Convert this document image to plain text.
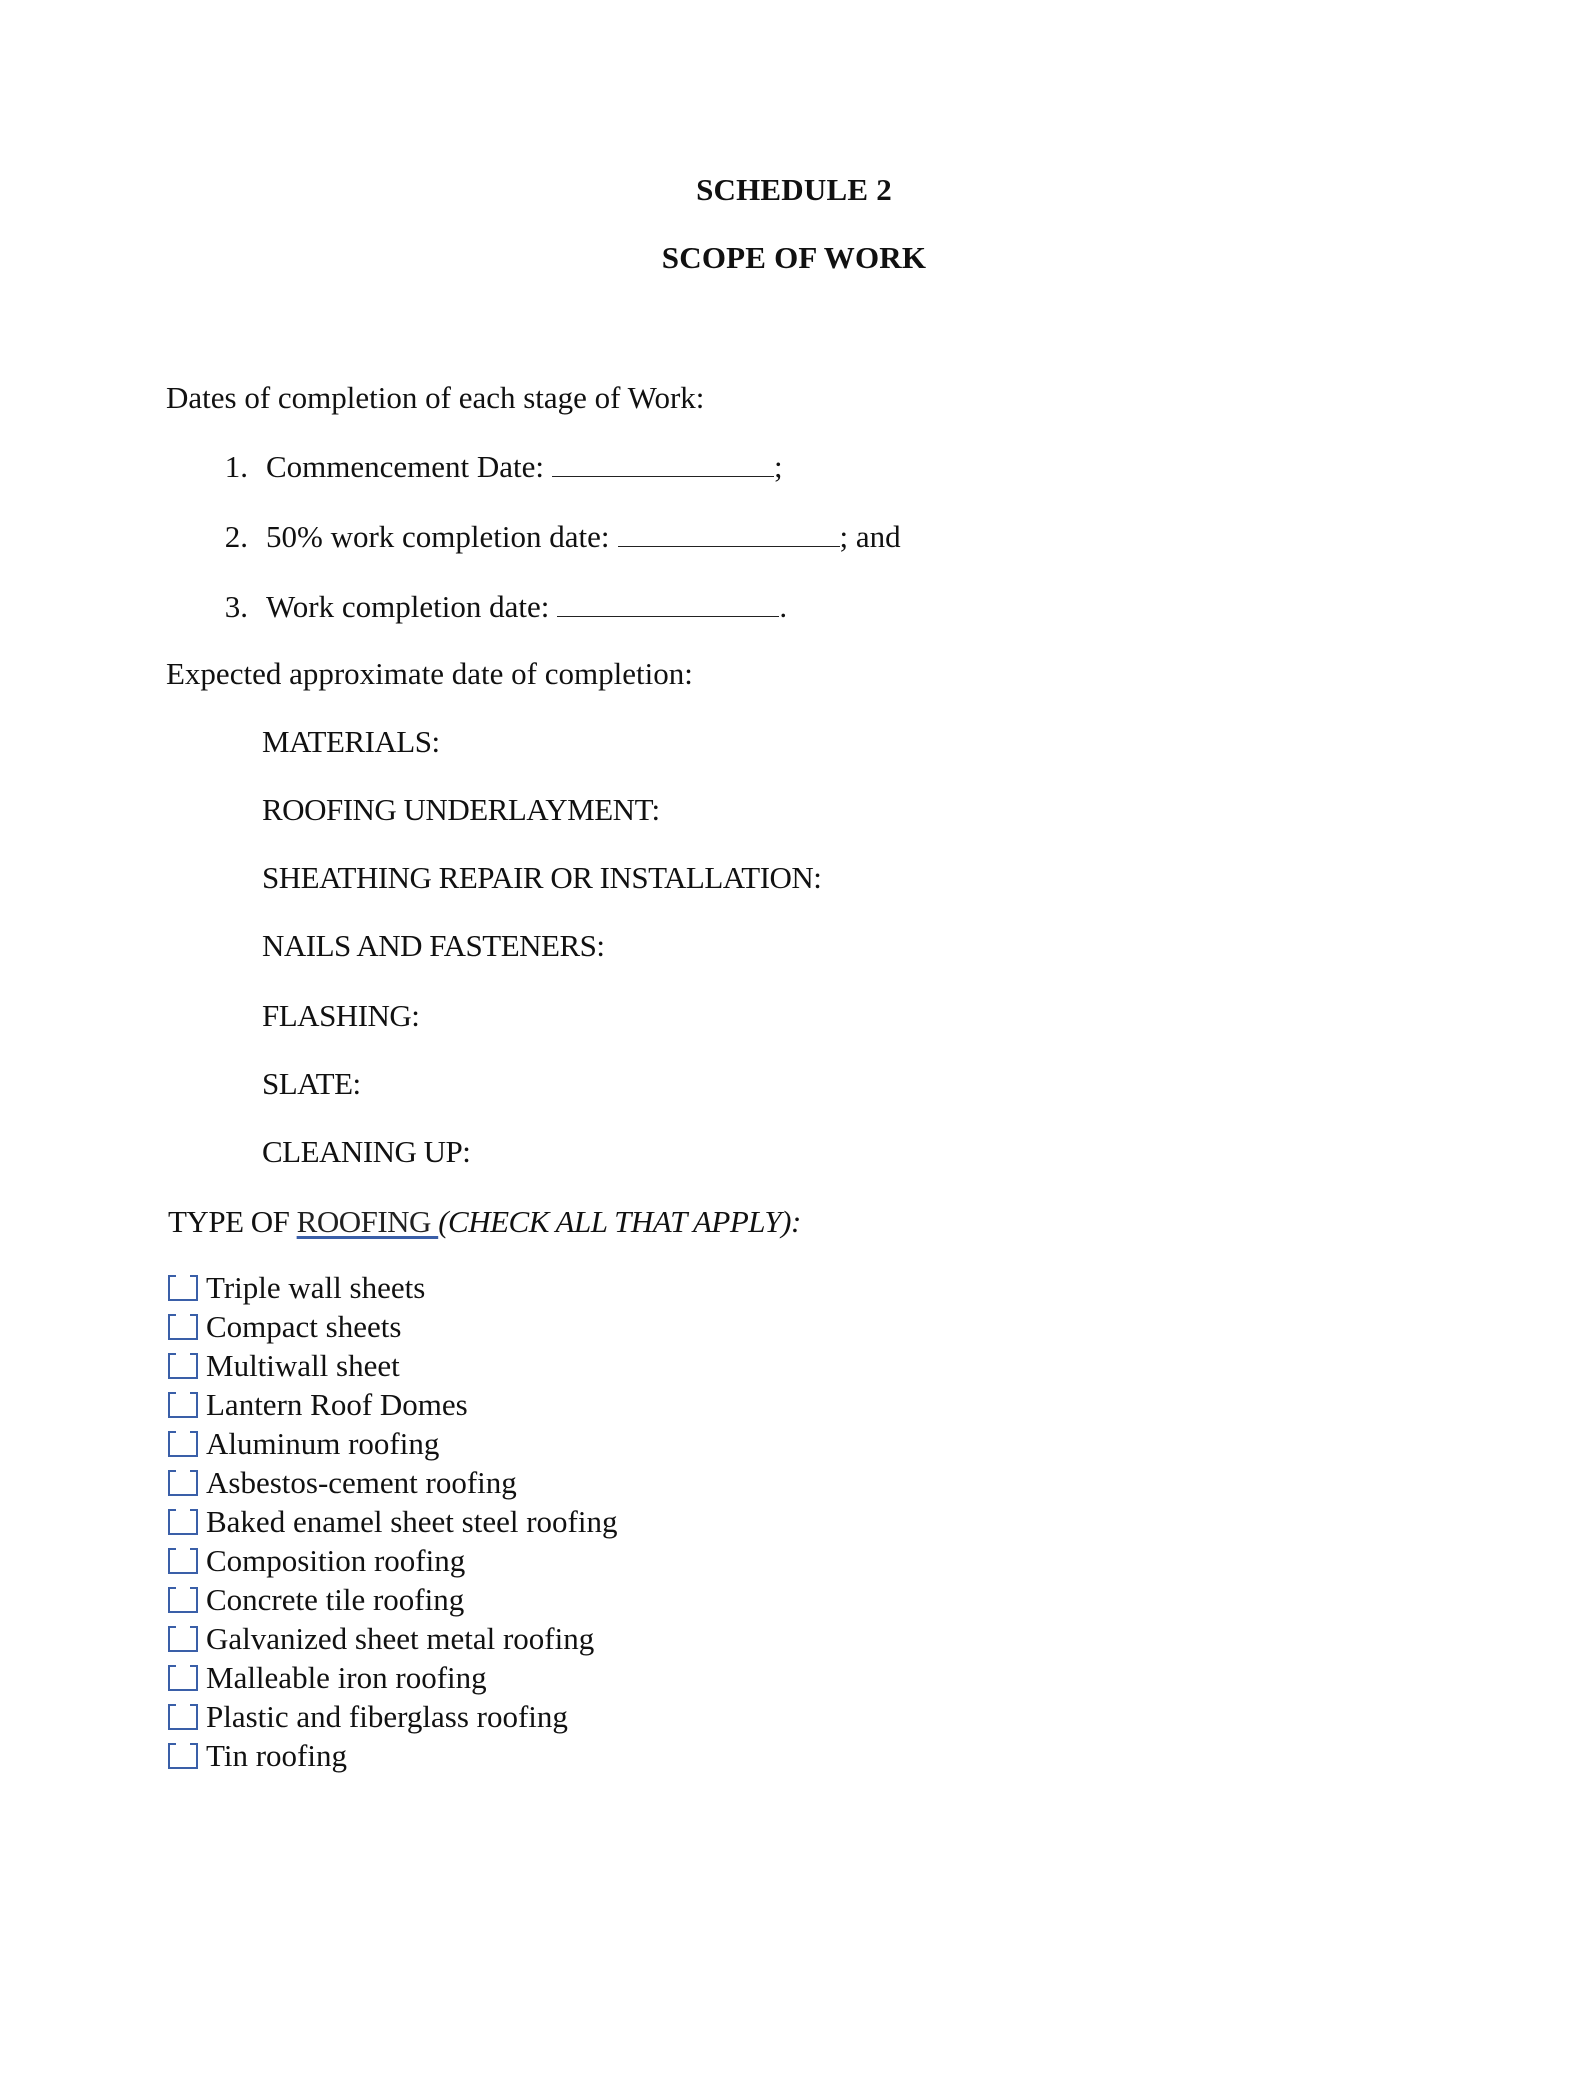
SCHEDULE 2
SCOPE OF WORK
Dates of completion of each stage of Work:
1. Commencement Date:	;
2. 50% work completion date:	; and
3. Work completion date:	.
Expected approximate date of completion:
MATERIALS:
ROOFING UNDERLAYMENT:
SHEATHING REPAIR OR INSTALLATION:
NAILS AND FASTENERS:
FLASHING:
SLATE:
CLEANING UP:
TYPE OF ROOFING (CHECK ALL THAT APPLY):
Triple wall sheets
Compact sheets
Multiwall sheet
Lantern Roof Domes
Aluminum roofing
Asbestos-cement roofing
Baked enamel sheet steel roofing
Composition roofing
Concrete tile roofing
Galvanized sheet metal roofing
Malleable iron roofing
Plastic and fiberglass roofing
Tin roofing
